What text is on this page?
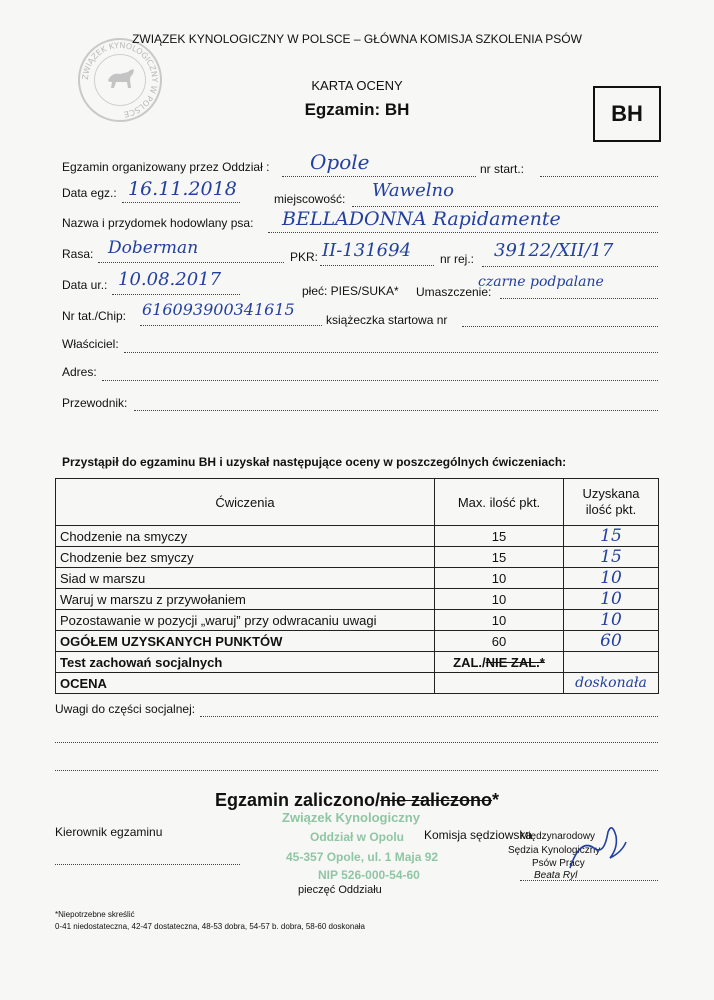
ZWIĄZEK KYNOLOGICZNY W POLSCE
ZWIĄZEK KYNOLOGICZNY W POLSCE – GŁÓWNA KOMISJA SZKOLENIA PSÓW
KARTA OCENY
Egzamin: BH	BH
Egzamin organizowany przez Oddział : Opole	nr start.:
Data egz.: 16.11.2018	miejscowość: Wawelno
Nazwa i przydomek hodowlany psa: BELLADONNA Rapidamente
Rasa: Doberman	PKR: II-131694 nr rej.: 39122/XII/17
Data ur.: 10.08.2017
płeć: PIES/SUKA* Umaszczenie:
czarne podpalane
Nr tat./Chip: 616093900341615
książeczka startowa nr
Właściciel:
Adres:
Przewodnik:
Przystąpił do egzaminu BH i uzyskał następujące oceny w poszczególnych ćwiczeniach:
Ćwiczenia	Max. ilość pkt.	Uzyskana ilość pkt.
Chodzenie na smyczy	15	15
Chodzenie bez smyczy	15	15
Siad w marszu	10	10
Waruj w marszu z przywołaniem	10	10
Pozostawanie w pozycji „waruj” przy odwracaniu uwagi	10	10
OGÓŁEM UZYSKANYCH PUNKTÓW	60	60
Test zachowań socjalnych	ZAL./NIE ZAL.*	
OCENA		doskonała
Uwagi do części socjalnej:
Egzamin zaliczono/nie zaliczono*
Kierownik egzaminu
Związek Kynologiczny
Oddział w Opolu
45-357 Opole, ul. 1 Maja 92
NIP 526-000-54-60
pieczęć Oddziału
Komisja sędziowska
Międzynarodowy
Sędzia Kynologiczny
Psów Pracy
Beata Ryl
*Niepotrzebne skreślić
0-41 niedostateczna, 42-47 dostateczna, 48-53 dobra, 54-57 b. dobra, 58-60 doskonała
